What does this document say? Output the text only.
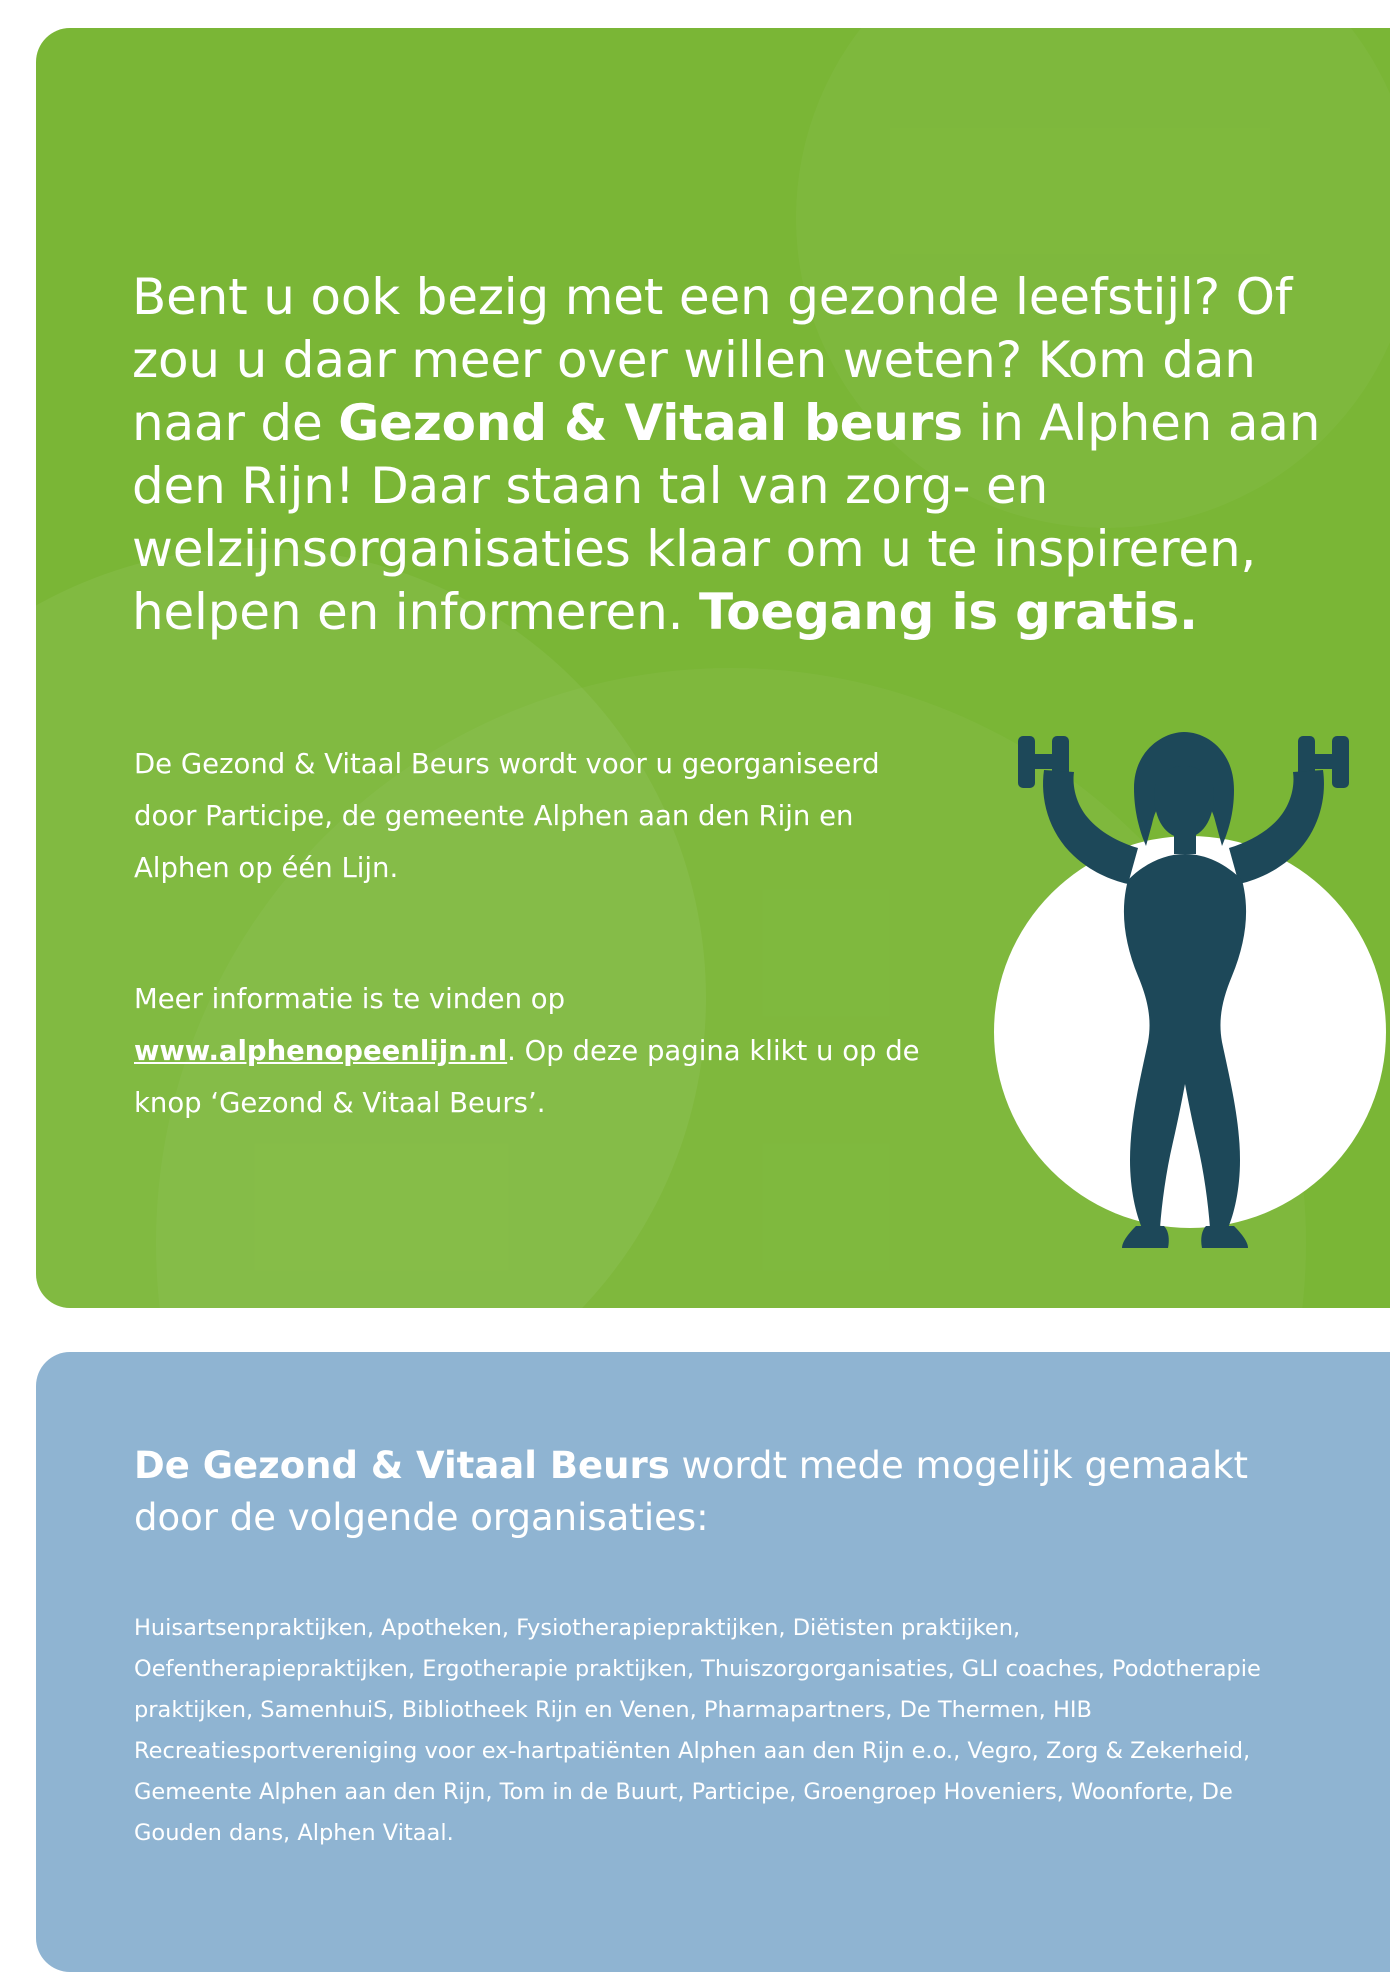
Bent u ook bezig met een gezonde leefstijl? Of zou u daar meer over willen weten? Kom dan naar de Gezond & Vitaal beurs in Alphen aan den Rijn! Daar staan tal van zorg- en welzijnsorganisaties klaar om u te inspireren, helpen en informeren. Toegang is gratis.
De Gezond & Vitaal Beurs wordt voor u georganiseerd door Participe, de gemeente Alphen aan den Rijn en Alphen op één Lijn.
Meer informatie is te vinden op www.alphenopeenlijn.nl. Op deze pagina klikt u op de knop ‘Gezond & Vitaal Beurs’.
De Gezond & Vitaal Beurs wordt mede mogelijk gemaakt door de volgende organisaties:
Huisartsenpraktijken, Apotheken, Fysiotherapiepraktijken, Diëtisten praktijken, Oefentherapiepraktijken, Ergotherapie praktijken, Thuiszorgorganisaties, GLI coaches, Podotherapie praktijken, SamenhuiS, Bibliotheek Rijn en Venen, Pharmapartners, De Thermen, HIB Recreatiesportvereniging voor ex-hartpatiënten Alphen aan den Rijn e.o., Vegro, Zorg & Zekerheid, Gemeente Alphen aan den Rijn, Tom in de Buurt, Participe, Groengroep Hoveniers, Woonforte, De Gouden dans, Alphen Vitaal.
